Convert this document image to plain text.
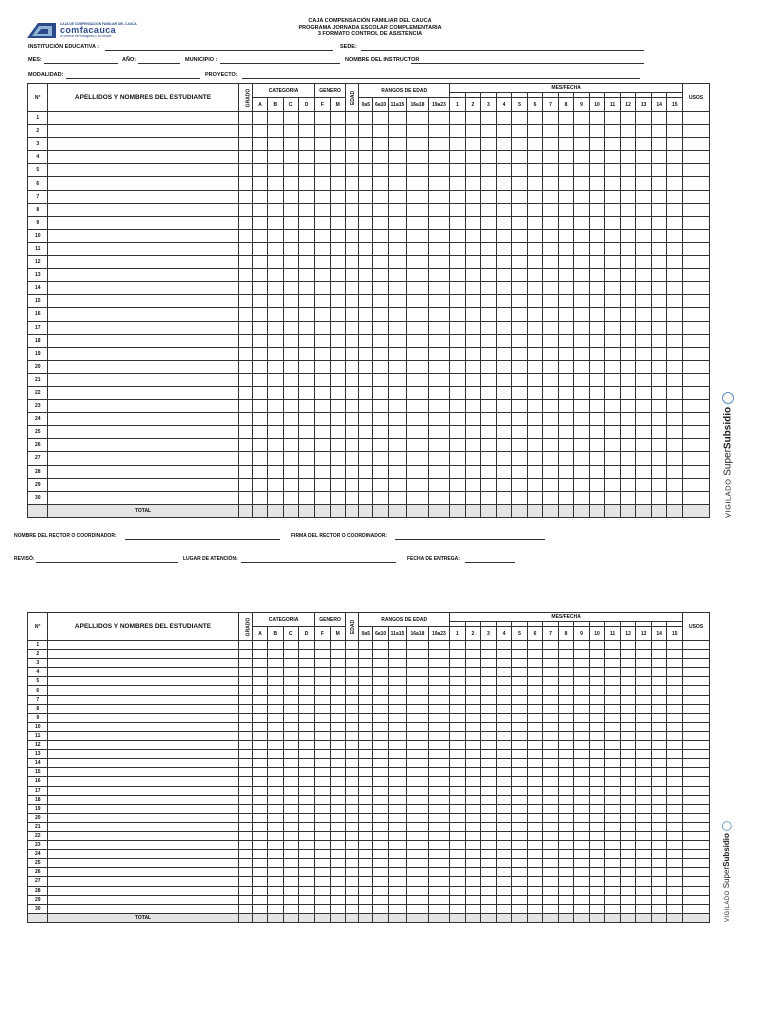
CAJA DE COMPENSACION FAMILIAR DEL CAUCA
comfacauca
al servicio del trabajador y su familia
CAJA COMPENSACIÓN FAMILIAR DEL CAUCA
PROGRAMA JORNADA ESCOLAR COMPLEMENTARIA
3 FORMATO CONTROL DE ASISTENCIA
INSTITUCIÓN EDUCATIVA :	SEDE:
MES:	AÑO:	MUNICIPIO :	NOMBRE DEL INSTRUCTOR
MODALIDAD:	PROYECTO:
N°	APELLIDOS Y NOMBRES DEL ESTUDIANTE	GRADO	CATEGORIA				GENERO		EDAD	RANGOS DE EDAD					MES/FECHA															USOS

			A	B	C	D	F	M		0a5	6a10	11a15	16a18	19a23	1	2	3	4	5	6	7	8	9	10	11	12	13	14	15	
1																														
2																														
3																														
4																														
5																														
6																														
7																														
8																														
9																														
10																														
11																														
12																														
13																														
14																														
15																														
16																														
17																														
18																														
19																														
20																														
21																														
22																														
23																														
24																														
25																														
26																														
27																														
28																														
29																														
30																														
	TOTAL																													
NOMBRE DEL RECTOR O COORDINADOR:	FIRMA DEL RECTOR O COORDINADOR:
REVISÓ:	LUGAR DE ATENCIÓN:	FECHA DE ENTREGA:
N°	APELLIDOS Y NOMBRES DEL ESTUDIANTE	GRADO	CATEGORIA				GENERO		EDAD	RANGOS DE EDAD					MES/FECHA															USOS

			A	B	C	D	F	M		0a5	6a10	11a15	16a18	19a23	1	2	3	4	5	6	7	8	9	10	11	12	13	14	15	
1																														
2																														
3																														
4																														
5																														
6																														
7																														
8																														
9																														
10																														
11																														
12																														
13																														
14																														
15																														
16																														
17																														
18																														
19																														
20																														
21																														
22																														
23																														
24																														
25																														
26																														
27																														
28																														
29																														
30																														
	TOTAL																													
VIGILADO SuperSubsidio
VIGILADO SuperSubsidio
